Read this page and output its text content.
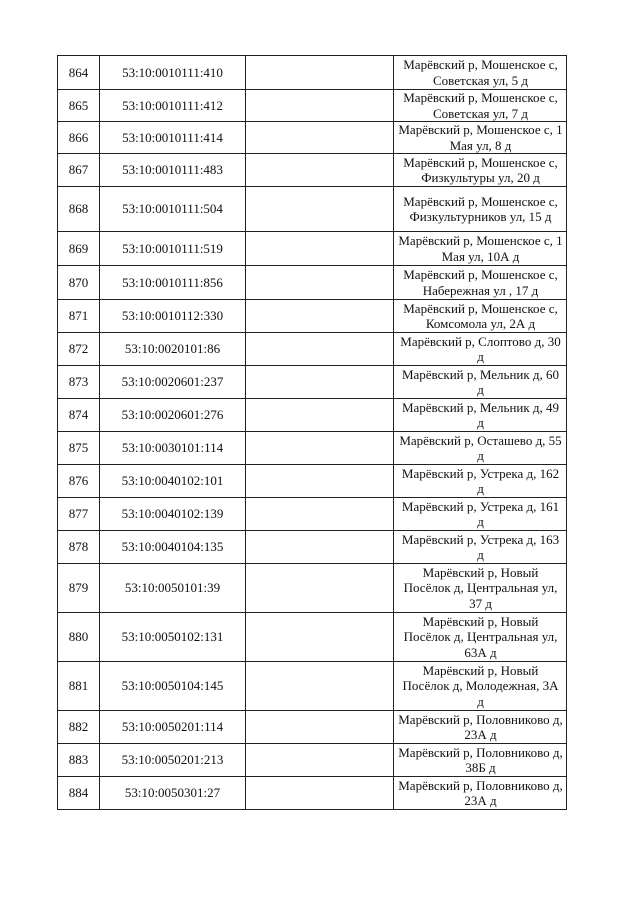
864	53:10:0010111:410		Марёвский р, Мошенское с, Советская ул, 5 д
865	53:10:0010111:412		Марёвский р, Мошенское с, Советская ул, 7 д
866	53:10:0010111:414		Марёвский р, Мошенское с, 1 Мая ул, 8 д
867	53:10:0010111:483		Марёвский р, Мошенское с, Физкультуры ул, 20 д
868	53:10:0010111:504		Марёвский р, Мошенское с, Физкультурников ул, 15 д
869	53:10:0010111:519		Марёвский р, Мошенское с, 1 Мая ул, 10А д
870	53:10:0010111:856		Марёвский р, Мошенское с, Набережная ул , 17 д
871	53:10:0010112:330		Марёвский р, Мошенское с, Комсомола ул, 2А д
872	53:10:0020101:86		Марёвский р, Слоптово д, 30 д
873	53:10:0020601:237		Марёвский р, Мельник д, 60 д
874	53:10:0020601:276		Марёвский р, Мельник д, 49 д
875	53:10:0030101:114		Марёвский р, Осташево д, 55 д
876	53:10:0040102:101		Марёвский р, Устрека д, 162 д
877	53:10:0040102:139		Марёвский р, Устрека д, 161 д
878	53:10:0040104:135		Марёвский р, Устрека д, 163 д
879	53:10:0050101:39		Марёвский р, Новый Посёлок д, Центральная ул, 37 д
880	53:10:0050102:131		Марёвский р, Новый Посёлок д, Центральная ул, 63А д
881	53:10:0050104:145		Марёвский р, Новый Посёлок д, Молодежная, 3А д
882	53:10:0050201:114		Марёвский р, Половниково д, 23А д
883	53:10:0050201:213		Марёвский р, Половниково д, 38Б д
884	53:10:0050301:27		Марёвский р, Половниково д, 23А д
